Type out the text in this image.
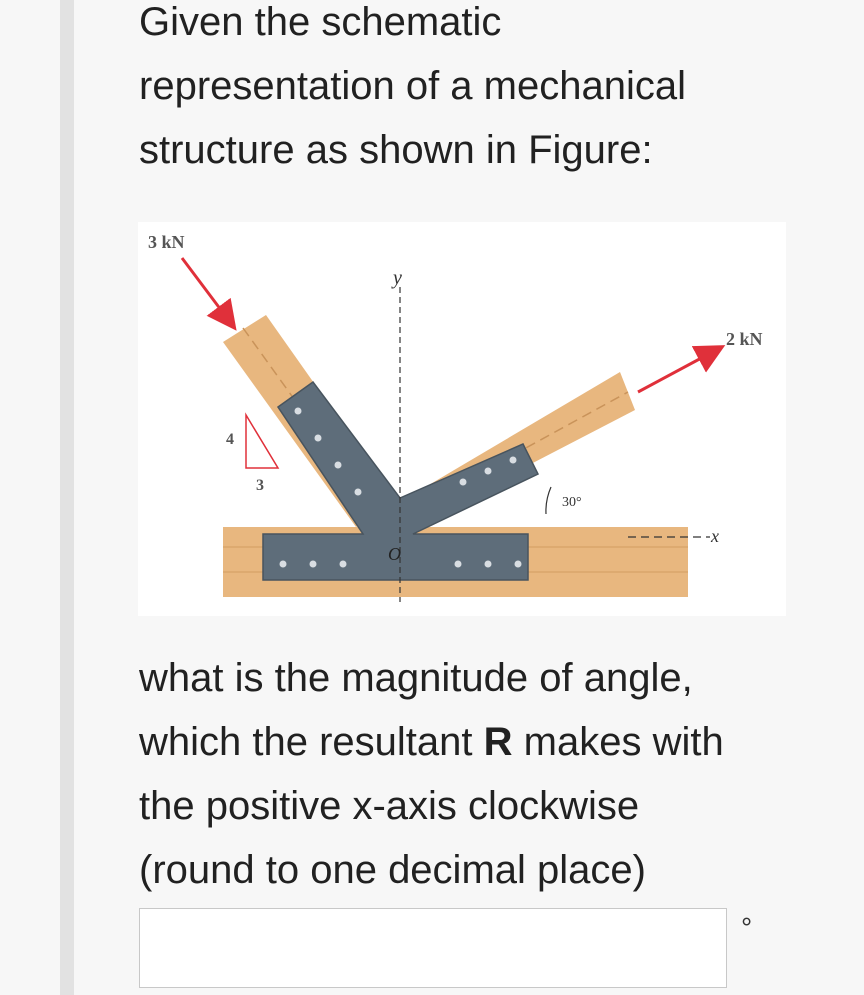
Given the schematic
representation of a mechanical
structure as shown in Figure:
y
x
O
30°
4
3
3 kN
2 kN
what is the magnitude of angle,
which the resultant R makes with
the positive x-axis clockwise
(round to one decimal place)
°
